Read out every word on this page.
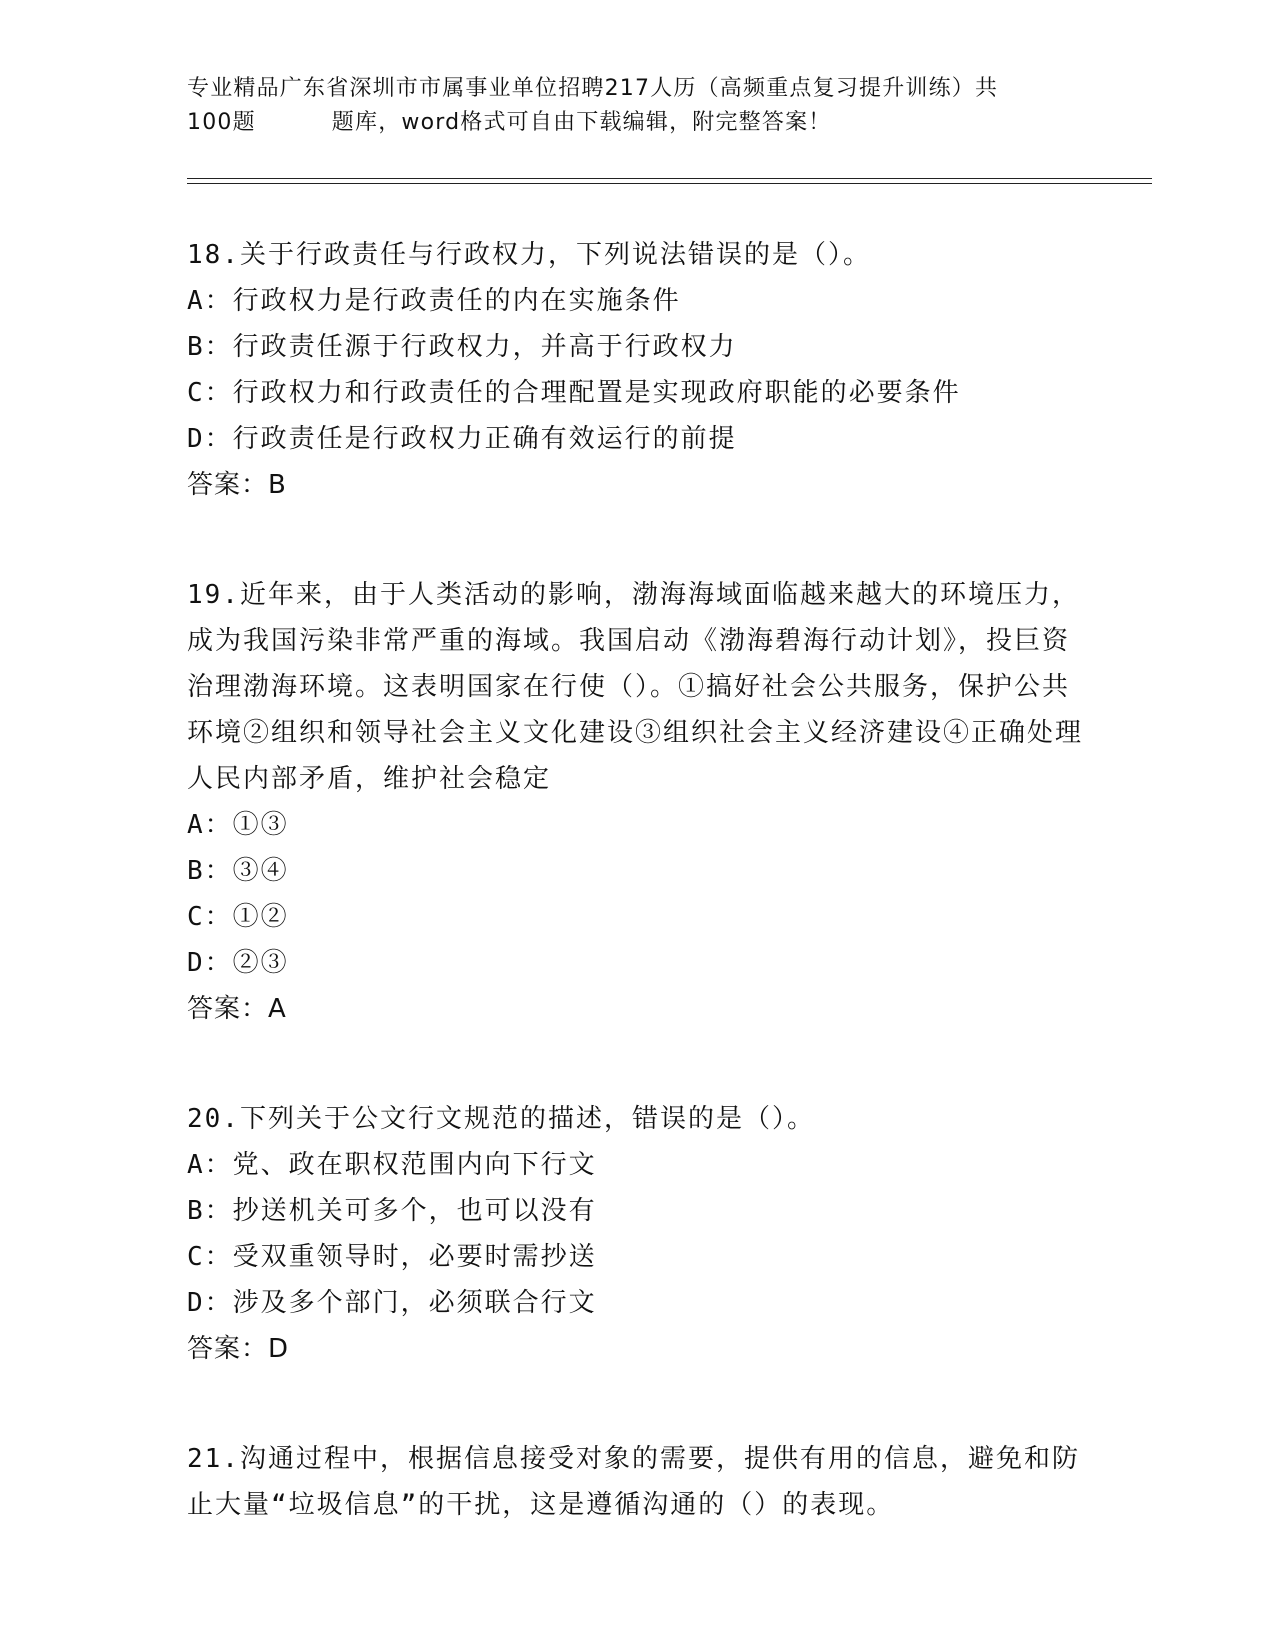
专业精品广东省深圳市市属事业单位招聘217人历（高频重点复习提升训练）共
100题	题库，word格式可自由下载编辑，附完整答案！

18.关于行政责任与行政权力，下列说法错误的是（）。

A：行政权力是行政责任的内在实施条件

B：行政责任源于行政权力，并高于行政权力

C：行政权力和行政责任的合理配置是实现政府职能的必要条件

D：行政责任是行政权力正确有效运行的前提

答案：B

19.近年来，由于人类活动的影响，渤海海域面临越来越大的环境压力，成为我国污染非常严重的海域。我国启动《渤海碧海行动计划》，投巨资治理渤海环境。这表明国家在行使（）。①搞好社会公共服务，保护公共环境②组织和领导社会主义文化建设③组织社会主义经济建设④正确处理人民内部矛盾，维护社会稳定

A：①③

B：③④

C：①②

D：②③

答案：A

20.下列关于公文行文规范的描述，错误的是（）。

A：党、政在职权范围内向下行文

B：抄送机关可多个，也可以没有

C：受双重领导时，必要时需抄送

D：涉及多个部门，必须联合行文

答案：D

21.沟通过程中，根据信息接受对象的需要，提供有用的信息，避免和防止大量“垃圾信息”的干扰，这是遵循沟通的（）的表现。
